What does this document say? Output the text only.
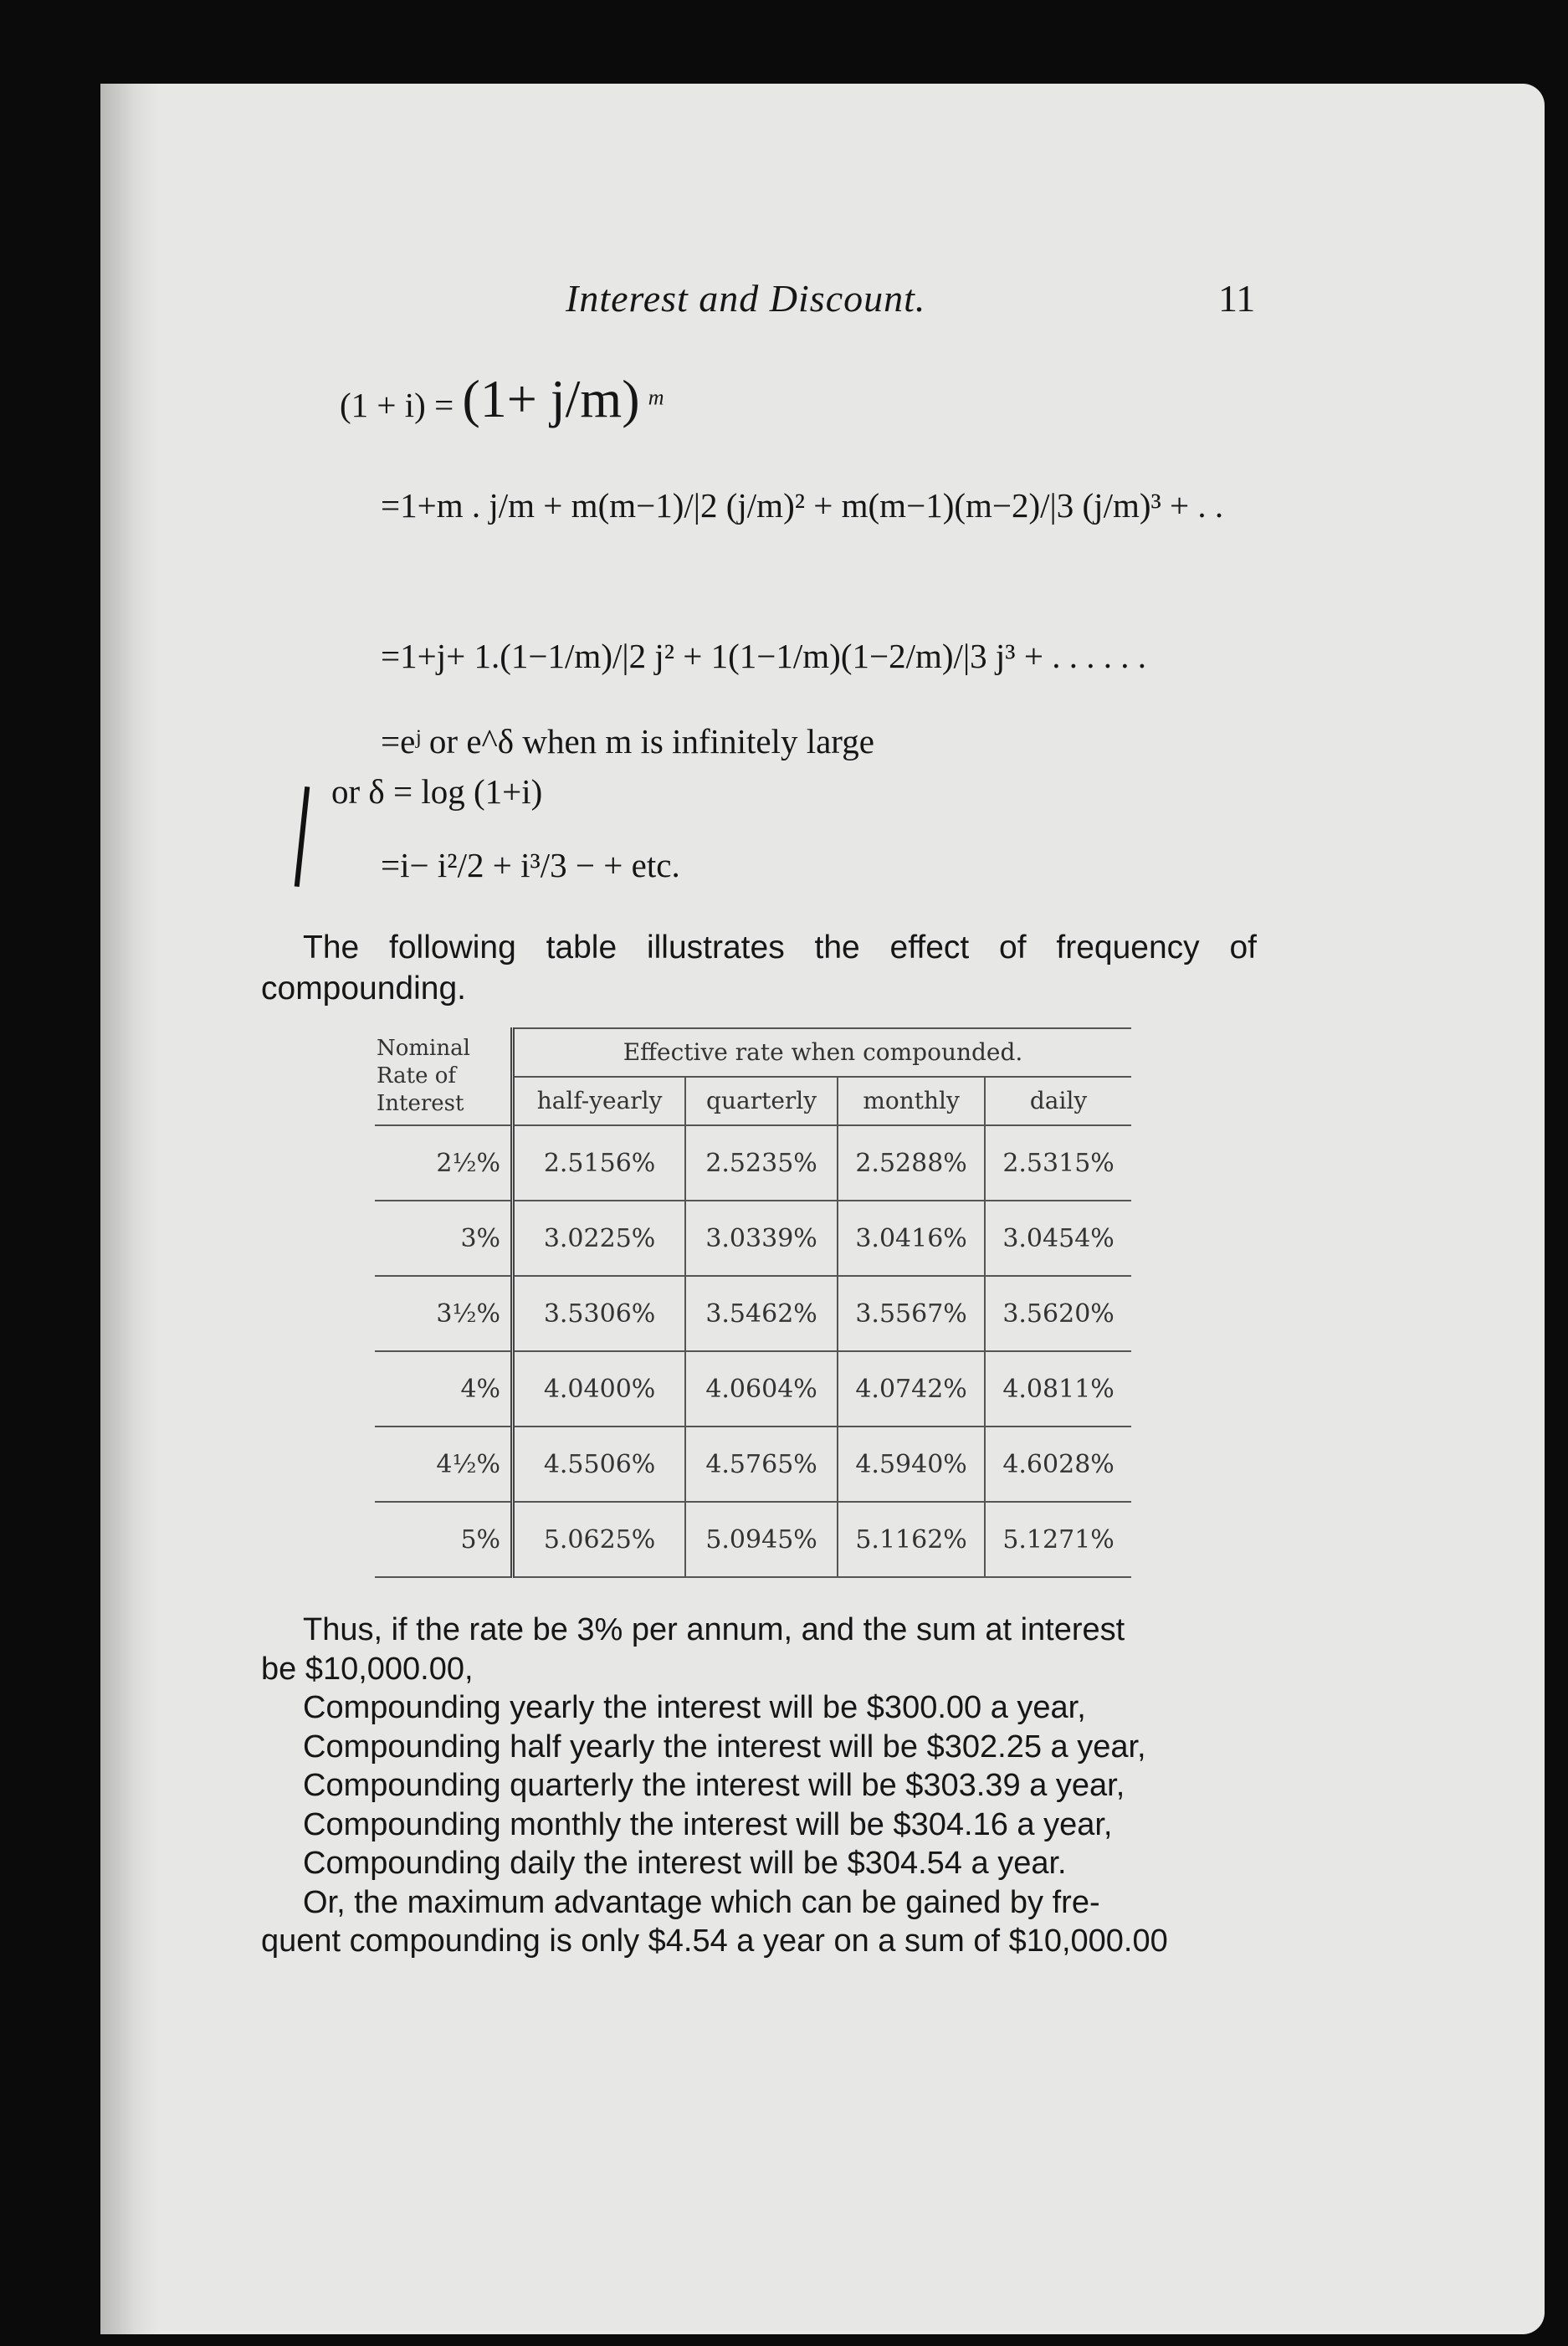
Interest and Discount.	11
(1 + i) = (1+ j/m) $^m$
=1+m . j/m + m(m−1)/|2 (j/m)² + m(m−1)(m−2)/|3 (j/m)³ + . .
=1+j+ 1.(1−1/m)/|2 j² + 1(1−1/m)(1−2/m)/|3 j³ + . . . . . .
=eʲ or e^δ when m is infinitely large
or δ = log (1+i)
=i− i²/2 + i³/3 − + etc.
The following table illustrates the effect of frequency of compounding.
Nominal
Rate of
Interest	Effective rate when compounded.			
	half-yearly	quarterly	monthly	daily
2½%	2.5156%	2.5235%	2.5288%	2.5315%
3%	3.0225%	3.0339%	3.0416%	3.0454%
3½%	3.5306%	3.5462%	3.5567%	3.5620%
4%	4.0400%	4.0604%	4.0742%	4.0811%
4½%	4.5506%	4.5765%	4.5940%	4.6028%
5%	5.0625%	5.0945%	5.1162%	5.1271%
Thus, if the rate be 3% per annum, and the sum at interest
be $10,000.00,
Compounding yearly the interest will be $300.00 a year,
Compounding half yearly the interest will be $302.25 a year,
Compounding quarterly the interest will be $303.39 a year,
Compounding monthly the interest will be $304.16 a year,
Compounding daily the interest will be $304.54 a year.
Or, the maximum advantage which can be gained by fre-
quent compounding is only $4.54 a year on a sum of $10,000.00
